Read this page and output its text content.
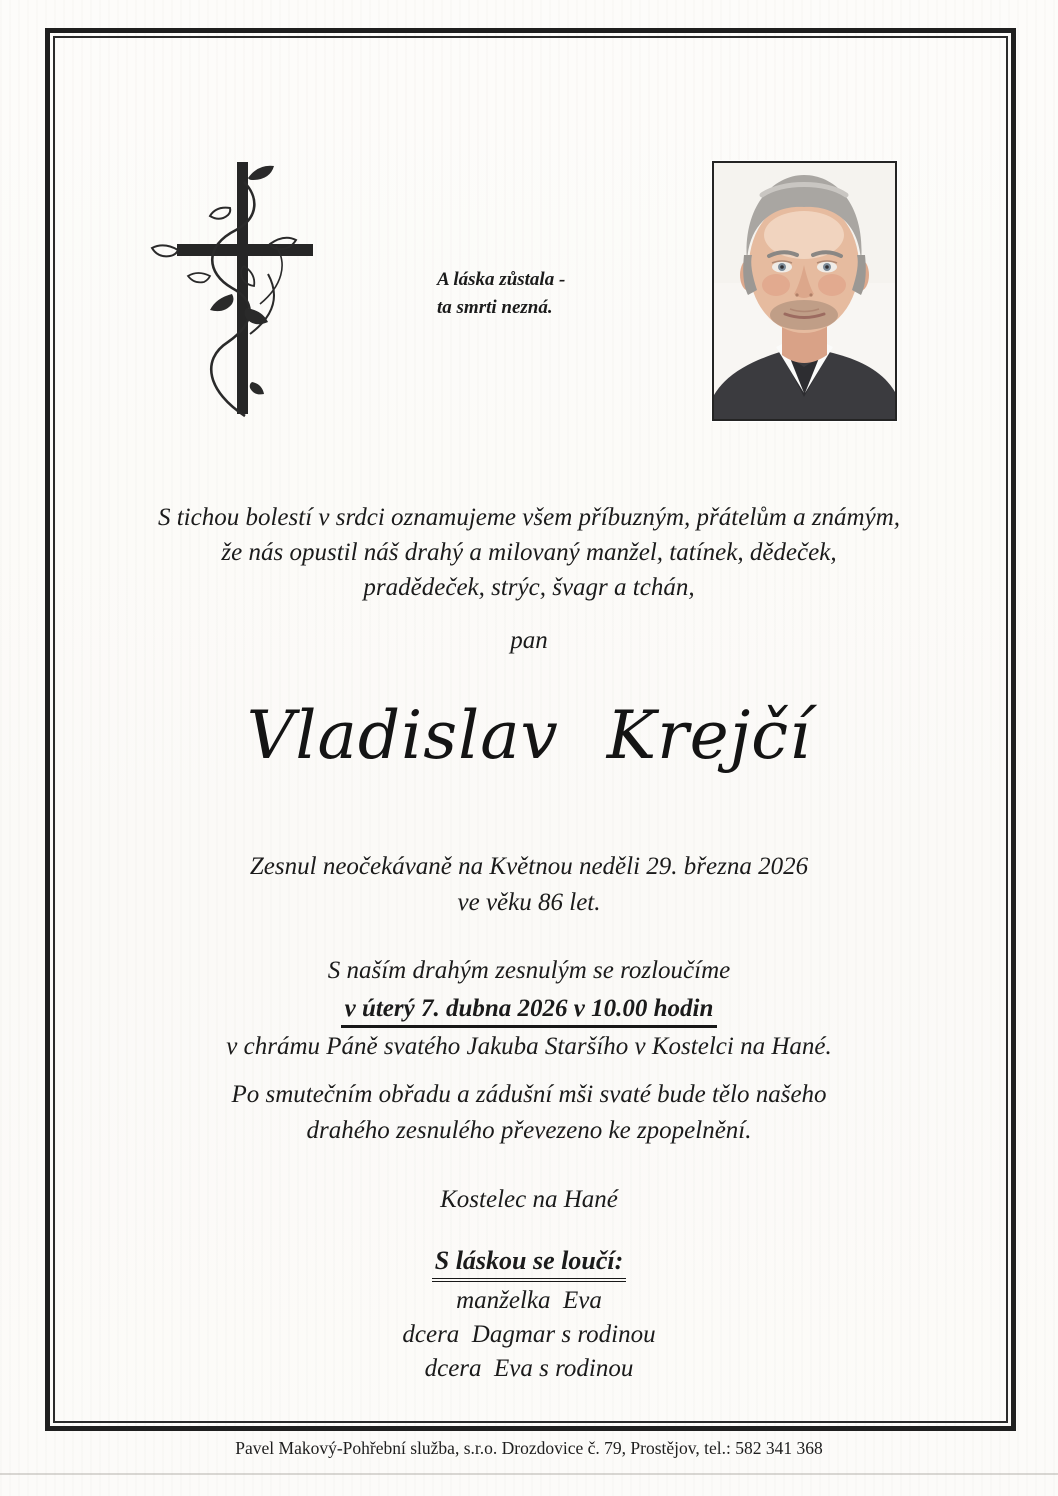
A láska zůstala -
ta smrti nezná.
S tichou bolestí v srdci oznamujeme všem příbuzným, přátelům a známým,
že nás opustil náš drahý a milovaný manžel, tatínek, dědeček,
pradědeček, strýc, švagr a tchán,
pan
Vladislav Krejčí
Zesnul neočekávaně na Květnou neděli 29. března 2026
ve věku 86 let.
S naším drahým zesnulým se rozloučíme
v úterý 7. dubna 2026 v 10.00 hodin
v chrámu Páně svatého Jakuba Staršího v Kostelci na Hané.
Po smutečním obřadu a zádušní mši svaté bude tělo našeho
drahého zesnulého převezeno ke zpopelnění.
Kostelec na Hané
S láskou se loučí:
manželka  Eva
dcera  Dagmar s rodinou
dcera  Eva s rodinou
Pavel Makový-Pohřební služba, s.r.o. Drozdovice č. 79, Prostějov, tel.: 582 341 368
